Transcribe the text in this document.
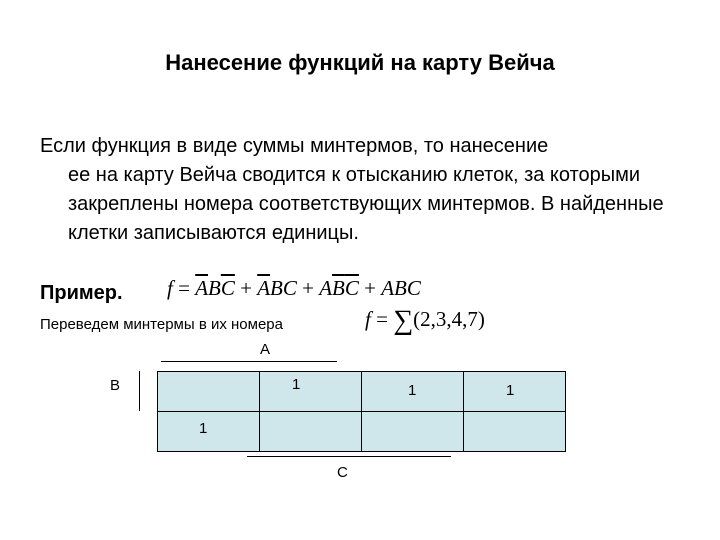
Нанесение функций на карту Вейча
Если функция в виде суммы минтермов, то нанесение
ее на карту Вейча сводится к отысканию клеток, за которыми закреплены номера соответствующих минтермов. В найденные клетки записываются единицы.
Пример. $f = \overline{A}B\overline{C} + \overline{A}BC + A\overline{B}\overline{C}$ + ABC
Переведем минтермы в их номера	f = ∑(2,3,4,7)
A
B
C

	1	1	1

1			
